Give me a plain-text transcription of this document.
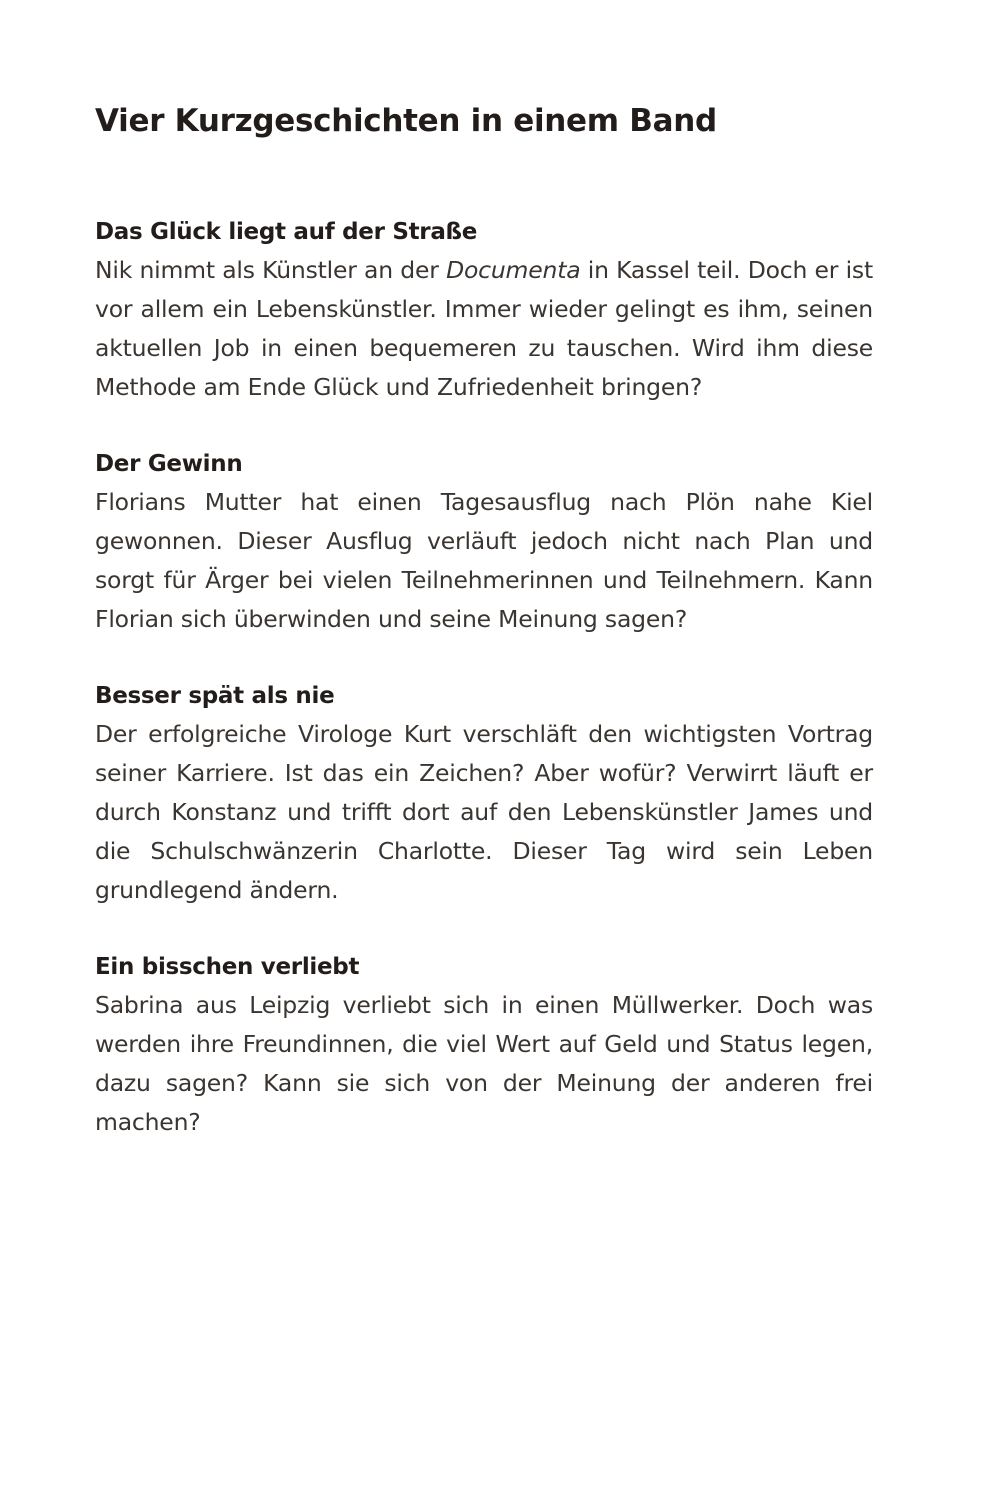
Vier Kurzgeschichten in einem Band
Das Glück liegt auf der Straße

Nik nimmt als Künstler an der Documenta in Kassel teil. Doch er ist vor allem ein Lebenskünstler. Immer wieder gelingt es ihm, seinen aktuellen Job in einen bequemeren zu tauschen. Wird ihm diese Methode am Ende Glück und Zufriedenheit bringen?

Der Gewinn

Florians Mutter hat einen Tagesausflug nach Plön nahe Kiel gewonnen. Dieser Ausflug verläuft jedoch nicht nach Plan und sorgt für Ärger bei vielen Teilnehmerinnen und Teilnehmern. Kann Florian sich überwinden und seine Meinung sagen?

Besser spät als nie

Der erfolgreiche Virologe Kurt verschläft den wichtigsten Vortrag seiner Karriere. Ist das ein Zeichen? Aber wofür? Verwirrt läuft er durch Konstanz und trifft dort auf den Lebenskünstler James und die Schulschwänzerin Charlotte. Dieser Tag wird sein Leben grundlegend ändern.

Ein bisschen verliebt

Sabrina aus Leipzig verliebt sich in einen Müllwerker. Doch was werden ihre Freundinnen, die viel Wert auf Geld und Status legen, dazu sagen? Kann sie sich von der Meinung der anderen frei machen?
